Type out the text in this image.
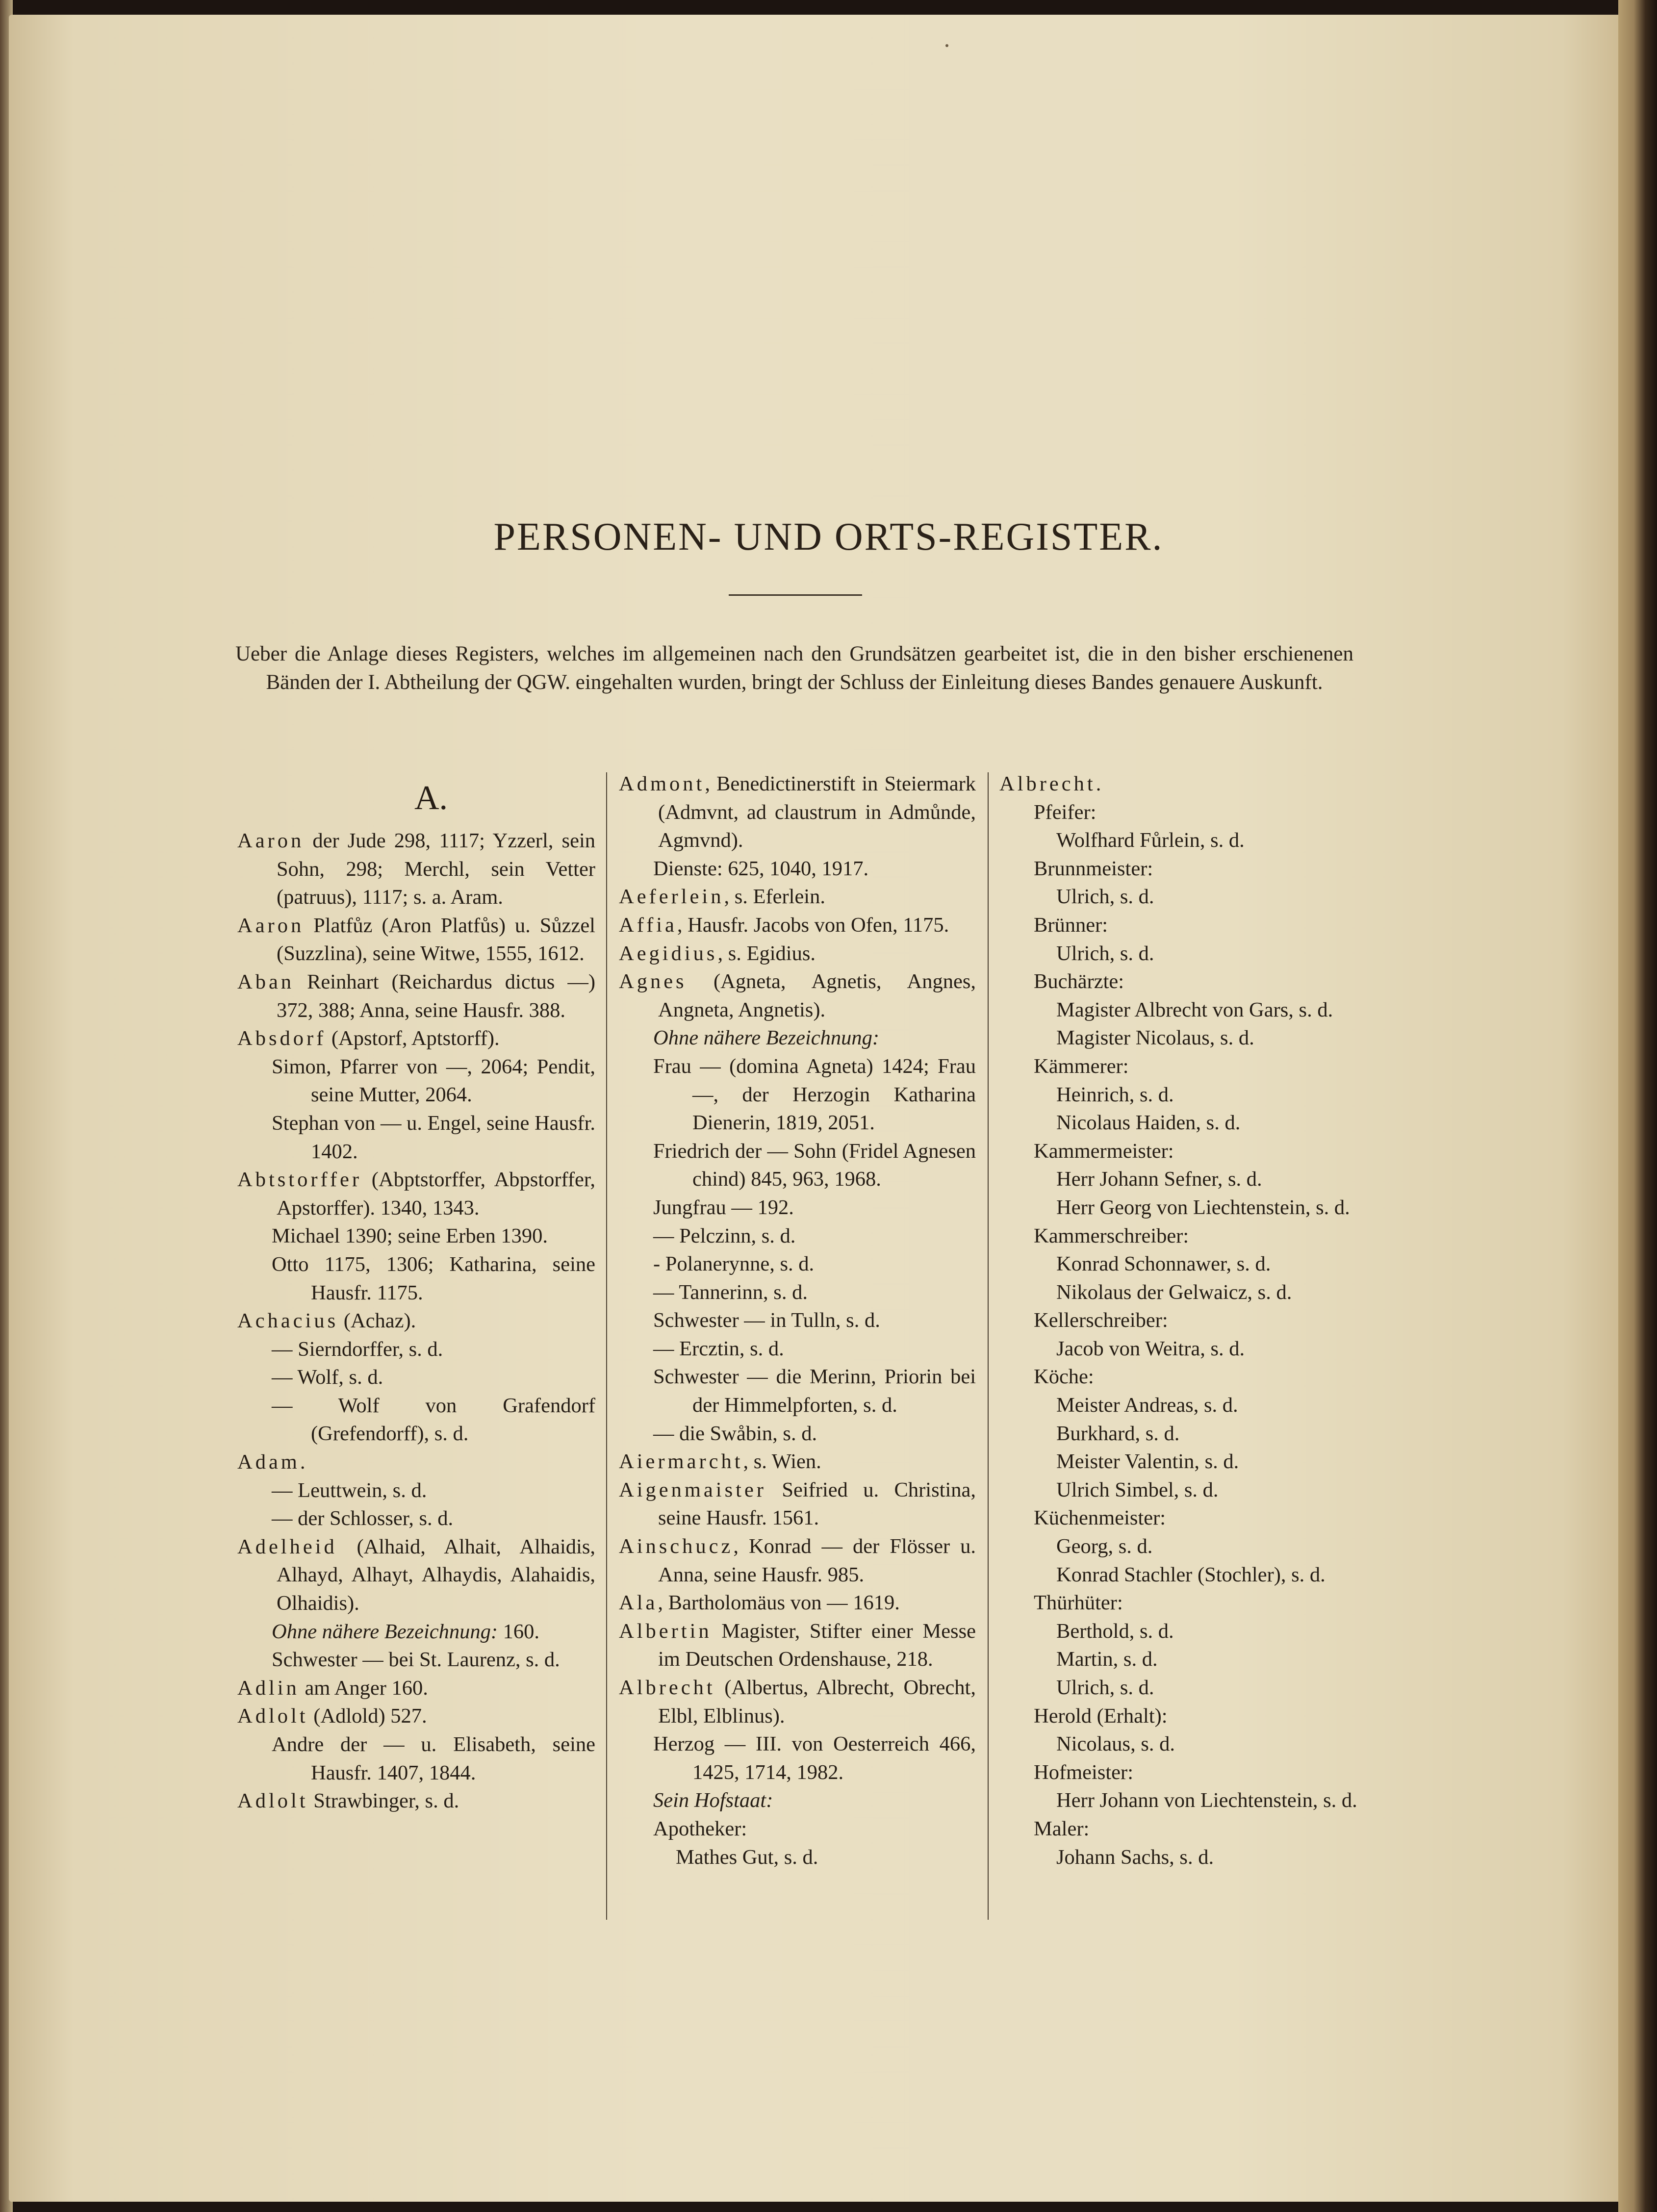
PERSONEN- UND ORTS-REGISTER.
Ueber die Anlage dieses Registers, welches im allgemeinen nach den Grundsätzen gearbeitet ist, die in den bisher erschienenen Bänden der I. Abtheilung der QGW. eingehalten wurden, bringt der Schluss der Einleitung dieses Bandes genauere Auskunft.
A.
Aaron der Jude 298, 1117; Yzzerl, sein Sohn, 298; Merchl, sein Vetter (patruus), 1117; s. a. Aram.
Aaron Platfůz (Aron Platfůs) u. Sůzzel (Suzzlina), seine Witwe, 1555, 1612.
Aban Reinhart (Reichardus dictus —) 372, 388; Anna, seine Hausfr. 388.
Absdorf (Apstorf, Aptstorff).
Simon, Pfarrer von —, 2064; Pendit, seine Mutter, 2064.
Stephan von — u. Engel, seine Hausfr. 1402.
Abtstorffer (Abptstorffer, Abpstorffer, Apstorffer). 1340, 1343.
Michael 1390; seine Erben 1390.
Otto 1175, 1306; Katharina, seine Hausfr. 1175.
Achacius (Achaz).
— Sierndorffer, s. d.
— Wolf, s. d.
— Wolf von Grafendorf (Grefendorff), s. d.
Adam.
— Leuttwein, s. d.
— der Schlosser, s. d.
Adelheid (Alhaid, Alhait, Alhaidis, Alhayd, Alhayt, Alhaydis, Alahaidis, Olhaidis).
Ohne nähere Bezeichnung: 160.
Schwester — bei St. Laurenz, s. d.
Adlin am Anger 160.
Adlolt (Adlold) 527.
Andre der — u. Elisabeth, seine Hausfr. 1407, 1844.
Adlolt Strawbinger, s. d.
Admont, Benedictinerstift in Steiermark (Admvnt, ad claustrum in Admůnde, Agmvnd).
Dienste: 625, 1040, 1917.
Aeferlein, s. Eferlein.
Affia, Hausfr. Jacobs von Ofen, 1175.
Aegidius, s. Egidius.
Agnes (Agneta, Agnetis, Angnes, Angneta, Angnetis).
Ohne nähere Bezeichnung:
Frau — (domina Agneta) 1424; Frau —, der Herzogin Katharina Dienerin, 1819, 2051.
Friedrich der — Sohn (Fridel Agnesen chind) 845, 963, 1968.
Jungfrau — 192.
— Pelczinn, s. d.
- Polanerynne, s. d.
— Tannerinn, s. d.
Schwester — in Tulln, s. d.
— Ercztin, s. d.
Schwester — die Merinn, Priorin bei der Himmelpforten, s. d.
— die Swåbin, s. d.
Aiermarcht, s. Wien.
Aigenmaister Seifried u. Christina, seine Hausfr. 1561.
Ainschucz, Konrad — der Flösser u. Anna, seine Hausfr. 985.
Ala, Bartholomäus von — 1619.
Albertin Magister, Stifter einer Messe im Deutschen Ordenshause, 218.
Albrecht (Albertus, Albrecht, Obrecht, Elbl, Elblinus).
Herzog — III. von Oesterreich 466, 1425, 1714, 1982.
Sein Hofstaat:
Apotheker:
Mathes Gut, s. d.
Albrecht.
Pfeifer:
Wolfhard Fůrlein, s. d.
Brunnmeister:
Ulrich, s. d.
Brünner:
Ulrich, s. d.
Buchärzte:
Magister Albrecht von Gars, s. d.
Magister Nicolaus, s. d.
Kämmerer:
Heinrich, s. d.
Nicolaus Haiden, s. d.
Kammermeister:
Herr Johann Sefner, s. d.
Herr Georg von Liechtenstein, s. d.
Kammerschreiber:
Konrad Schonnawer, s. d.
Nikolaus der Gelwaicz, s. d.
Kellerschreiber:
Jacob von Weitra, s. d.
Köche:
Meister Andreas, s. d.
Burkhard, s. d.
Meister Valentin, s. d.
Ulrich Simbel, s. d.
Küchenmeister:
Georg, s. d.
Konrad Stachler (Stochler), s. d.
Thürhüter:
Berthold, s. d.
Martin, s. d.
Ulrich, s. d.
Herold (Erhalt):
Nicolaus, s. d.
Hofmeister:
Herr Johann von Liechtenstein, s. d.
Maler:
Johann Sachs, s. d.
